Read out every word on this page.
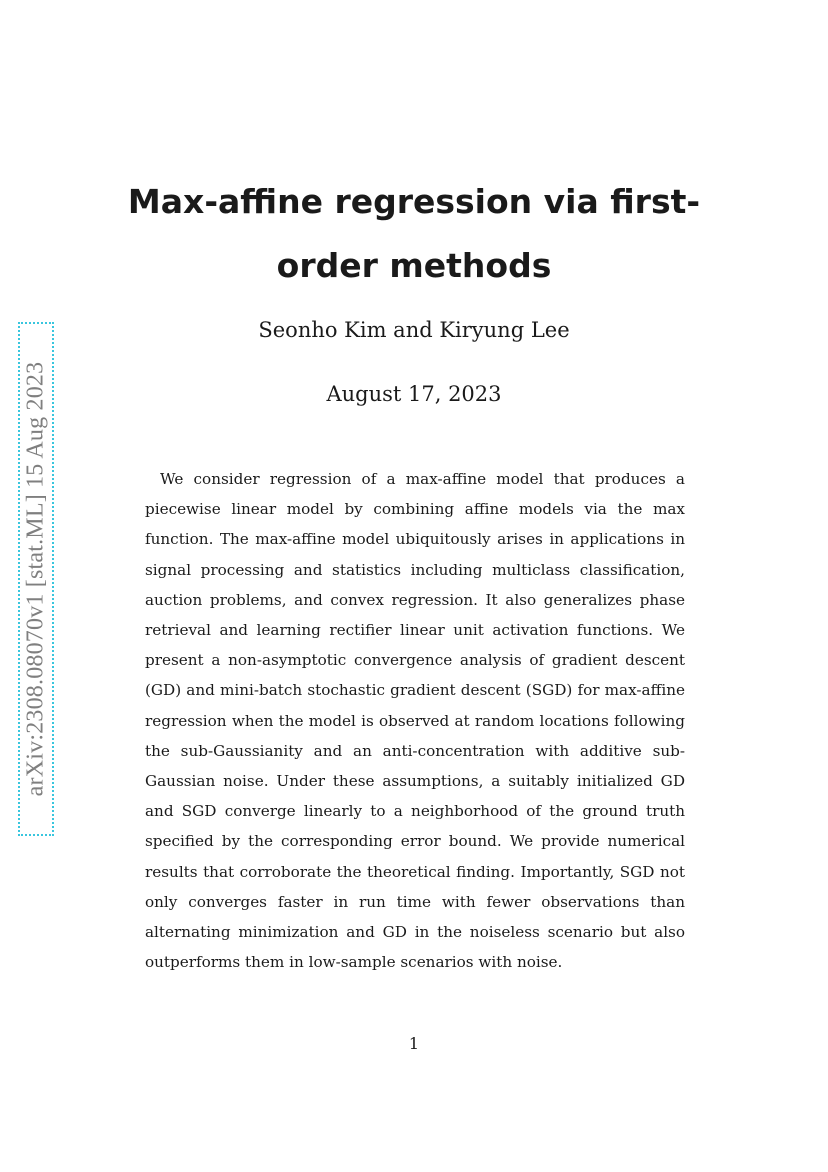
arXiv:2308.08070v1 [stat.ML] 15 Aug 2023
Max-affine regression via first-order methods
Seonho Kim and Kiryung Lee
August 17, 2023

We consider regression of a max-affine model that produces a piecewise linear model by combining affine models via the max function. The max-affine model ubiquitously arises in applications in signal processing and statistics including multiclass classification, auction problems, and convex regression. It also generalizes phase retrieval and learning rectifier linear unit activation functions. We present a non-asymptotic convergence analysis of gradient descent (GD) and mini-batch stochastic gradient descent (SGD) for max-affine regression when the model is observed at random locations following the sub-Gaussianity and an anti-concentration with additive sub-Gaussian noise. Under these assumptions, a suitably initialized GD and SGD converge linearly to a neighborhood of the ground truth specified by the corresponding error bound. We provide numerical results that corroborate the theoretical finding. Importantly, SGD not only converges faster in run time with fewer observations than alternating minimization and GD in the noiseless scenario but also outperforms them in low-sample scenarios with noise.

1
